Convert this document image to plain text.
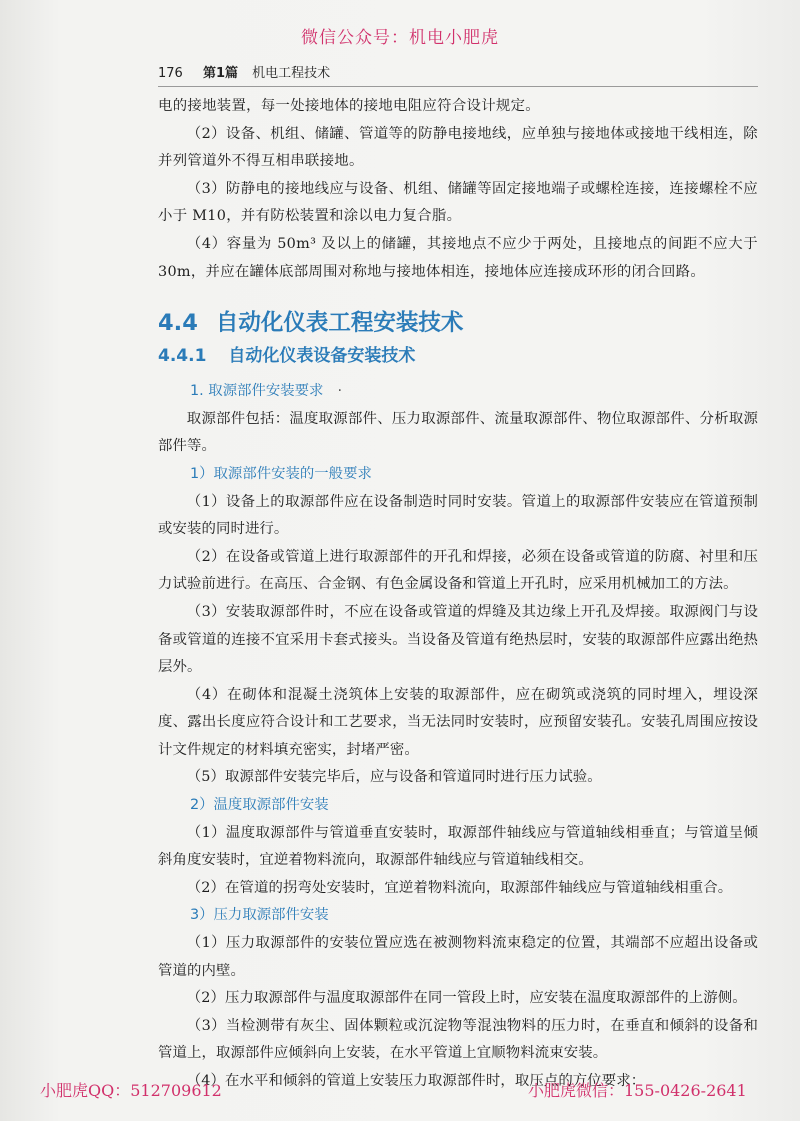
微信公众号：机电小肥虎
176 第1篇 机电工程技术

电的接地装置，每一处接地体的接地电阻应符合设计规定。

（2）设备、机组、储罐、管道等的防静电接地线，应单独与接地体或接地干线相连，除并列管道外不得互相串联接地。

（3）防静电的接地线应与设备、机组、储罐等固定接地端子或螺栓连接，连接螺栓不应小于 M10，并有防松装置和涂以电力复合脂。

（4）容量为 50m³ 及以上的储罐，其接地点不应少于两处，且接地点的间距不应大于 30m，并应在罐体底部周围对称地与接地体相连，接地体应连接成环形的闭合回路。

4.4 自动化仪表工程安装技术
4.4.1 自动化仪表设备安装技术
1. 取源部件安装要求 ·

取源部件包括：温度取源部件、压力取源部件、流量取源部件、物位取源部件、分析取源部件等。

1）取源部件安装的一般要求

（1）设备上的取源部件应在设备制造时同时安装。管道上的取源部件安装应在管道预制或安装的同时进行。

（2）在设备或管道上进行取源部件的开孔和焊接，必须在设备或管道的防腐、衬里和压力试验前进行。在高压、合金钢、有色金属设备和管道上开孔时，应采用机械加工的方法。

（3）安装取源部件时，不应在设备或管道的焊缝及其边缘上开孔及焊接。取源阀门与设备或管道的连接不宜采用卡套式接头。当设备及管道有绝热层时，安装的取源部件应露出绝热层外。

（4）在砌体和混凝土浇筑体上安装的取源部件，应在砌筑或浇筑的同时埋入，埋设深度、露出长度应符合设计和工艺要求，当无法同时安装时，应预留安装孔。安装孔周围应按设计文件规定的材料填充密实，封堵严密。

（5）取源部件安装完毕后，应与设备和管道同时进行压力试验。

2）温度取源部件安装

（1）温度取源部件与管道垂直安装时，取源部件轴线应与管道轴线相垂直；与管道呈倾斜角度安装时，宜逆着物料流向，取源部件轴线应与管道轴线相交。

（2）在管道的拐弯处安装时，宜逆着物料流向，取源部件轴线应与管道轴线相重合。

3）压力取源部件安装

（1）压力取源部件的安装位置应选在被测物料流束稳定的位置，其端部不应超出设备或管道的内壁。

（2）压力取源部件与温度取源部件在同一管段上时，应安装在温度取源部件的上游侧。

（3）当检测带有灰尘、固体颗粒或沉淀物等混浊物料的压力时，在垂直和倾斜的设备和管道上，取源部件应倾斜向上安装，在水平管道上宜顺物料流束安装。

（4）在水平和倾斜的管道上安装压力取源部件时，取压点的方位要求：

小肥虎QQ：512709612	小肥虎微信：155-0426-2641
